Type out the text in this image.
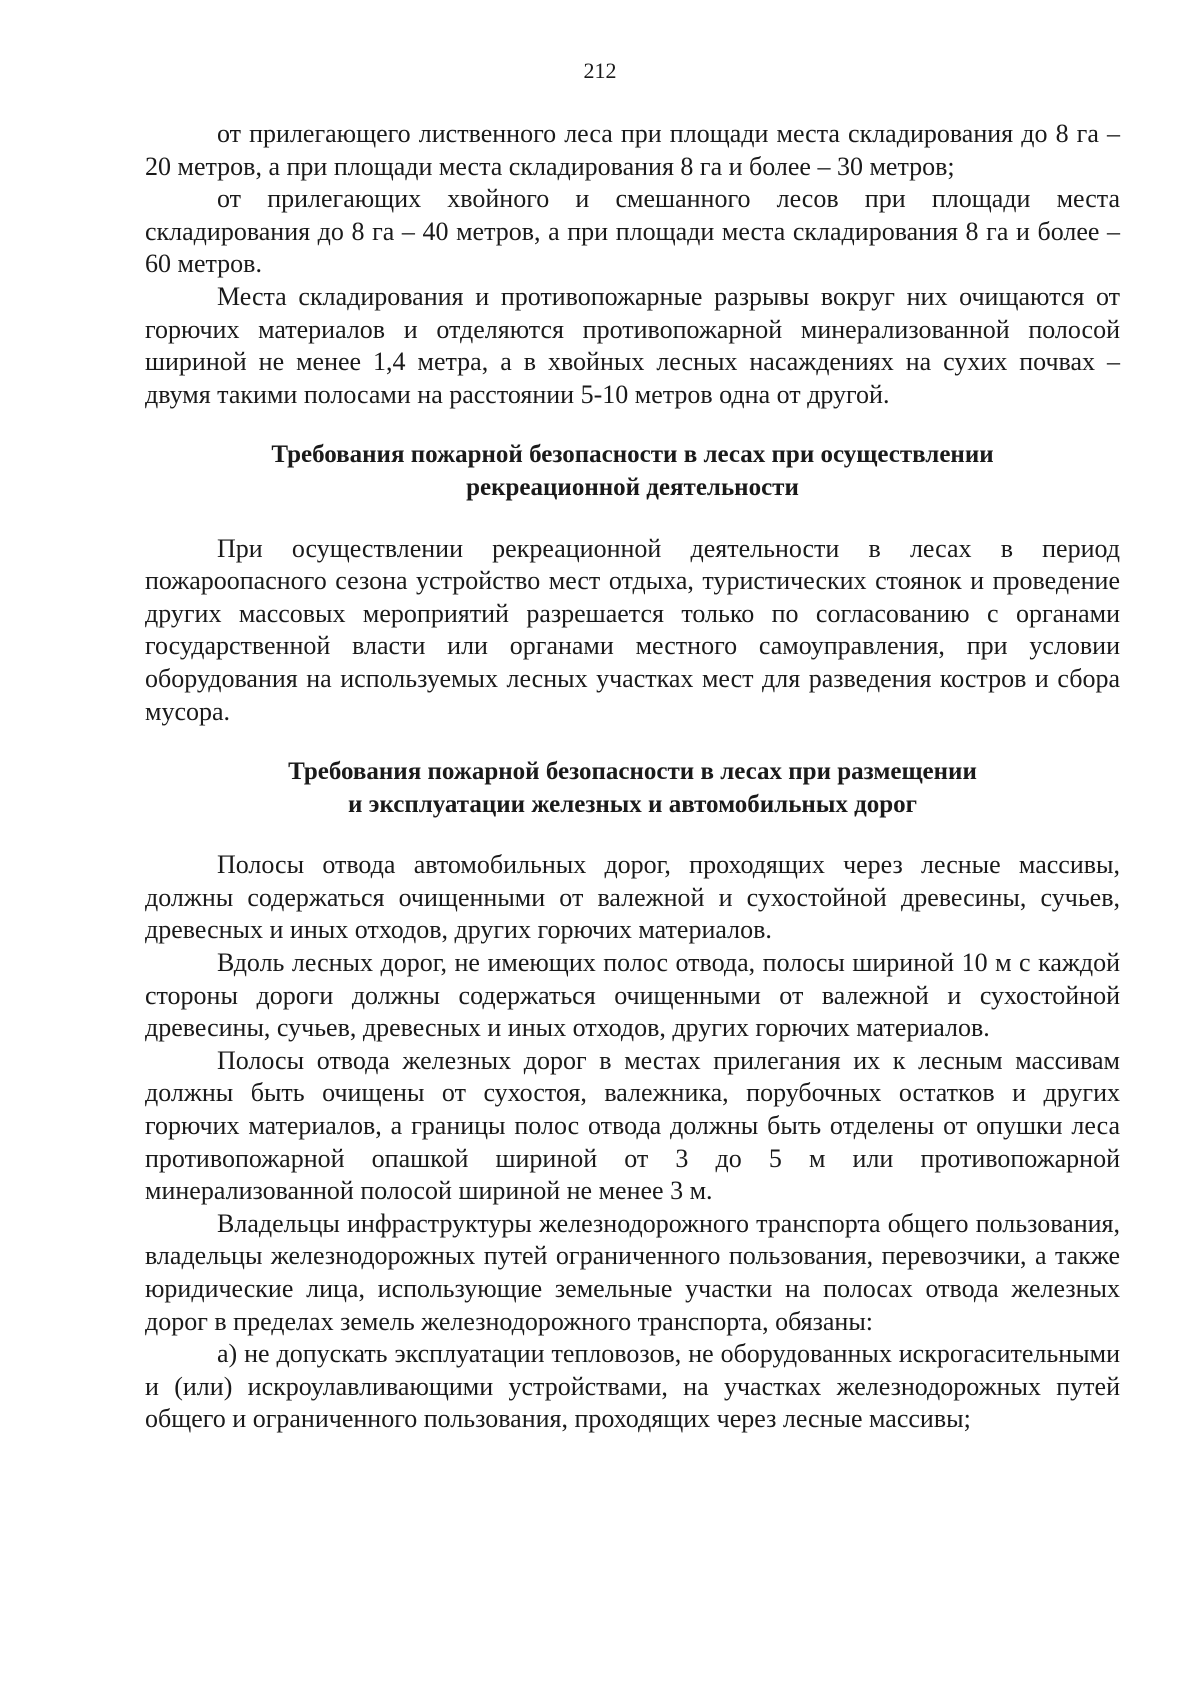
212

от прилегающего лиственного леса при площади места складирования до 8 га – 20 метров, а при площади места складирования 8 га и более – 30 метров;

от прилегающих хвойного и смешанного лесов при площади места складирования до 8 га – 40 метров, а при площади места складирования 8 га и более – 60 метров.

Места складирования и противопожарные разрывы вокруг них очищаются от горючих материалов и отделяются противопожарной минерализованной полосой шириной не менее 1,4 метра, а в хвойных лесных насаждениях на сухих почвах – двумя такими полосами на расстоянии 5-10 метров одна от другой.

Требования пожарной безопасности в лесах при осуществлении
рекреационной деятельности

При осуществлении рекреационной деятельности в лесах в период пожароопасного сезона устройство мест отдыха, туристических стоянок и проведение других массовых мероприятий разрешается только по согласованию с органами государственной власти или органами местного самоуправления, при условии оборудования на используемых лесных участках мест для разведения костров и сбора мусора.

Требования пожарной безопасности в лесах при размещении
и эксплуатации железных и автомобильных дорог

Полосы отвода автомобильных дорог, проходящих через лесные массивы, должны содержаться очищенными от валежной и сухостойной древесины, сучьев, древесных и иных отходов, других горючих материалов.

Вдоль лесных дорог, не имеющих полос отвода, полосы шириной 10 м с каждой стороны дороги должны содержаться очищенными от валежной и сухостойной древесины, сучьев, древесных и иных отходов, других горючих материалов.

Полосы отвода железных дорог в местах прилегания их к лесным массивам должны быть очищены от сухостоя, валежника, порубочных остатков и других горючих материалов, а границы полос отвода должны быть отделены от опушки леса противопожарной опашкой шириной от 3 до 5 м или противопожарной минерализованной полосой шириной не менее 3 м.

Владельцы инфраструктуры железнодорожного транспорта общего пользования, владельцы железнодорожных путей ограниченного пользования, перевозчики, а также юридические лица, использующие земельные участки на полосах отвода железных дорог в пределах земель железнодорожного транспорта, обязаны:

а) не допускать эксплуатации тепловозов, не оборудованных искрогасительными и (или) искроулавливающими устройствами, на участках железнодорожных путей общего и ограниченного пользования, проходящих через лесные массивы;
